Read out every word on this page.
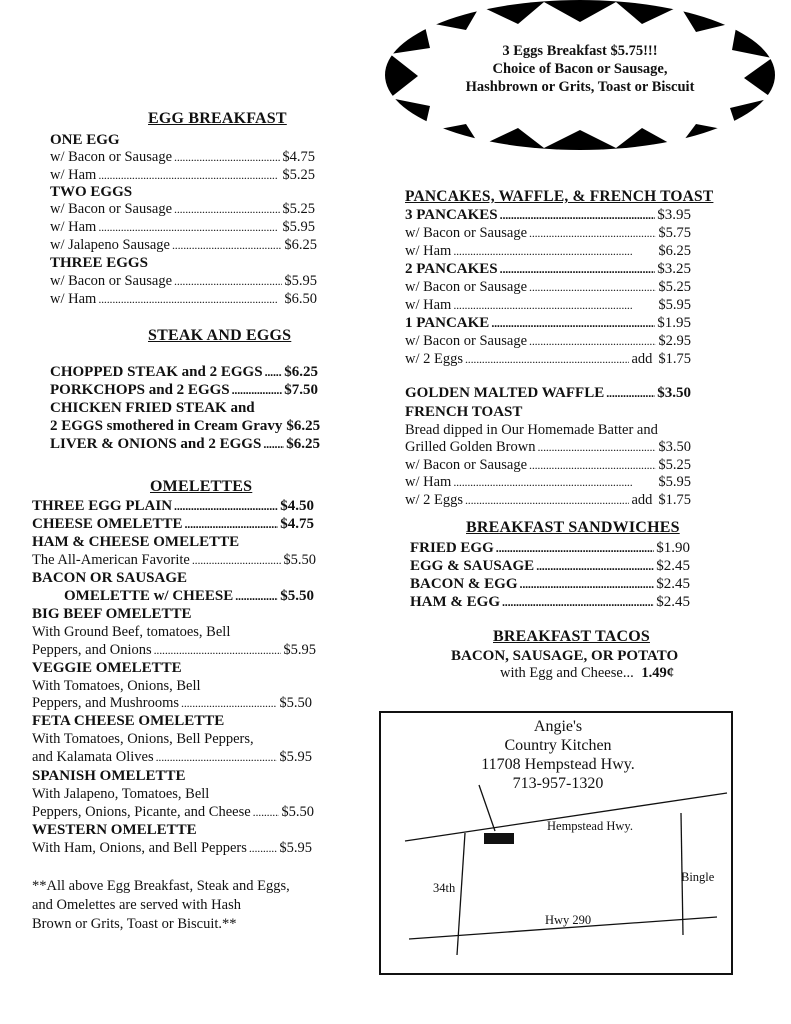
3 Eggs Breakfast $5.75!!!
Choice of Bacon or Sausage,
Hashbrown or Grits, Toast or Biscuit
EGG BREAKFAST
ONE EGG
w/ Bacon or Sausage . . .	$4.75
w/ Ham . . .	$5.25
TWO EGGS
w/ Bacon or Sausage . . .	$5.25
w/ Ham . . .	$5.95
w/ Jalapeno Sausage . . .	$6.25
THREE EGGS
w/ Bacon or Sausage . . .	$5.95
w/ Ham . . .	$6.50
STEAK AND EGGS
CHOPPED STEAK and 2 EGGS . . . $6.25
PORKCHOPS and 2 EGGS . . .	$7.50
CHICKEN FRIED STEAK and
2 EGGS smothered in Cream Gravy $6.25
LIVER & ONIONS and 2 EGGS . . . $6.25
OMELETTES
THREE EGG PLAIN . . .	$4.50
CHEESE OMELETTE . . .	$4.75
HAM & CHEESE OMELETTE
The All-American Favorite . . .	$5.50
BACON OR SAUSAGE
OMELETTE w/ CHEESE . . .	$5.50
BIG BEEF OMELETTE
With Ground Beef, tomatoes, Bell
Peppers, and Onions . . .	$5.95
VEGGIE OMELETTE
With Tomatoes, Onions, Bell
Peppers, and Mushrooms . . .	$5.50
FETA CHEESE OMELETTE
With Tomatoes, Onions, Bell Peppers,
and Kalamata Olives . . .	$5.95
SPANISH OMELETTE
With Jalapeno, Tomatoes, Bell
Peppers, Onions, Picante, and Cheese . . . $5.50
WESTERN OMELETTE
With Ham, Onions, and Bell Peppers . . . $5.95
**All above Egg Breakfast, Steak and Eggs,
and Omelettes are served with Hash
Brown or Grits, Toast or Biscuit.**
PANCAKES, WAFFLE, & FRENCH TOAST
3 PANCAKES . . .	$3.95
w/ Bacon or Sausage . . .	$5.75
w/ Ham . . .	$6.25
2 PANCAKES . . .	$3.25
w/ Bacon or Sausage . . .	$5.25
w/ Ham . . .	$5.95
1 PANCAKE . . .	$1.95
w/ Bacon or Sausage . . .	$2.95
w/ 2 Eggs . . .	add $1.75
GOLDEN MALTED WAFFLE . . .	$3.50
FRENCH TOAST
Bread dipped in Our Homemade Batter and
Grilled Golden Brown . . .	$3.50
w/ Bacon or Sausage . . .	$5.25
w/ Ham . . .	$5.95
w/ 2 Eggs . . .	add $1.75
BREAKFAST SANDWICHES
FRIED EGG . . .	$1.90
EGG & SAUSAGE . . .	$2.45
BACON & EGG . . .	$2.45
HAM & EGG . . .	$2.45
BREAKFAST TACOS
BACON, SAUSAGE, OR POTATO
with Egg and Cheese... 1.49¢
Angie's
Country Kitchen
11708 Hempstead Hwy.
713-957-1320
Hempstead Hwy.
Bingle
34th
Hwy 290
